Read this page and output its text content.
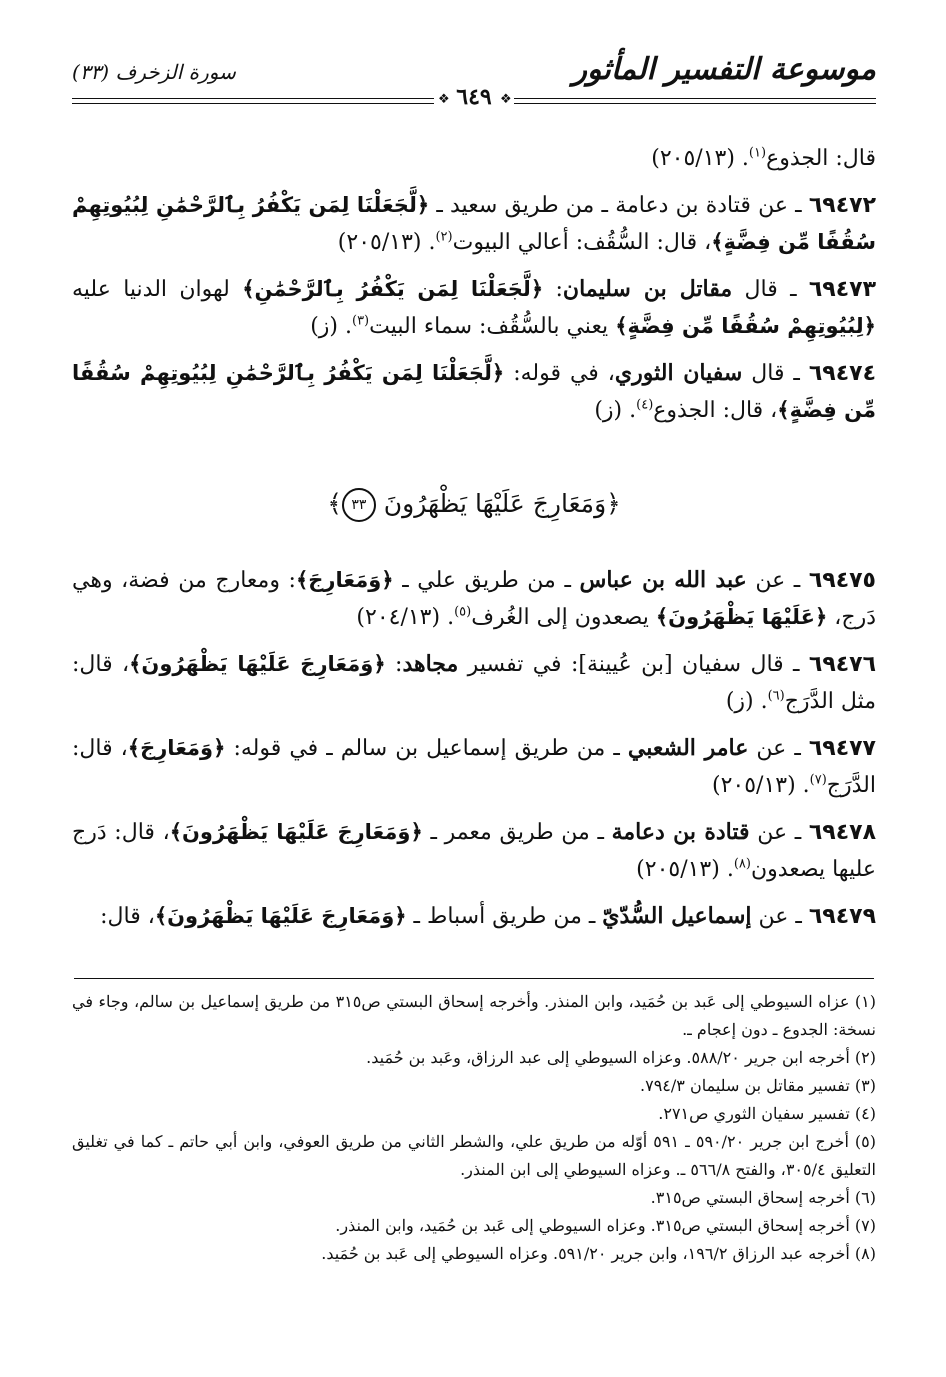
موسوعة التفسير المأثور
سورة الزخرف (٣٣)
❖
٦٤٩
❖
قال: الجذوع$^{(١)}$. (٢٠٥/١٣)
٦٩٤٧٢ ـ عن قتادة بن دعامة ـ من طريق سعيد ـ ﴿لَّجَعَلْنَا لِمَن يَكْفُرُ بِٱلرَّحْمَٰنِ لِبُيُوتِهِمْ سُقُفًا مِّن فِضَّةٍ﴾، قال: السُّقُف: أعالي البيوت$^{(٢)}$. (٢٠٥/١٣)
٦٩٤٧٣ ـ قال مقاتل بن سليمان: ﴿لَّجَعَلْنَا لِمَن يَكْفُرُ بِٱلرَّحْمَٰنِ﴾ لهوان الدنيا عليه ﴿لِبُيُوتِهِمْ سُقُفًا مِّن فِضَّةٍ﴾ يعني بالسُّقُف: سماء البيت$^{(٣)}$. (ز)
٦٩٤٧٤ ـ قال سفيان الثوري، في قوله: ﴿لَّجَعَلْنَا لِمَن يَكْفُرُ بِٱلرَّحْمَٰنِ لِبُيُوتِهِمْ سُقُفًا مِّن فِضَّةٍ﴾، قال: الجذوع$^{(٤)}$. (ز)
﴿وَمَعَارِجَ عَلَيْهَا يَظْهَرُونَ ٣٣﴾
٦٩٤٧٥ ـ عن عبد الله بن عباس ـ من طريق علي ـ ﴿وَمَعَارِجَ﴾: ومعارج من فضة، وهي دَرج، ﴿عَلَيْهَا يَظْهَرُونَ﴾ يصعدون إلى الغُرف$^{(٥)}$. (٢٠٤/١٣)
٦٩٤٧٦ ـ قال سفيان [بن عُيينة]: في تفسير مجاهد: ﴿وَمَعَارِجَ عَلَيْهَا يَظْهَرُونَ﴾، قال: مثل الدَّرَج$^{(٦)}$. (ز)
٦٩٤٧٧ ـ عن عامر الشعبي ـ من طريق إسماعيل بن سالم ـ في قوله: ﴿وَمَعَارِجَ﴾، قال: الدَّرَج$^{(٧)}$. (٢٠٥/١٣)
٦٩٤٧٨ ـ عن قتادة بن دعامة ـ من طريق معمر ـ ﴿وَمَعَارِجَ عَلَيْهَا يَظْهَرُونَ﴾، قال: دَرج عليها يصعدون$^{(٨)}$. (٢٠٥/١٣)
٦٩٤٧٩ ـ عن إسماعيل السُّدّيّ ـ من طريق أسباط ـ ﴿وَمَعَارِجَ عَلَيْهَا يَظْهَرُونَ﴾، قال:

(١) عزاه السيوطي إلى عَبد بن حُمَيد، وابن المنذر. وأخرجه إسحاق البستي ص٣١٥ من طريق إسماعيل بن سالم، وجاء في نسخة: الجدوع ـ دون إعجام ـ.

(٢) أخرجه ابن جرير ٥٨٨/٢٠. وعزاه السيوطي إلى عبد الرزاق، وعَبد بن حُمَيد.

(٣) تفسير مقاتل بن سليمان ٧٩٤/٣.

(٤) تفسير سفيان الثوري ص٢٧١.

(٥) أخرج ابن جرير ٥٩٠/٢٠ ـ ٥٩١ أوّله من طريق علي، والشطر الثاني من طريق العوفي، وابن أبي حاتم ـ كما في تغليق التعليق ٣٠٥/٤، والفتح ٥٦٦/٨ ـ. وعزاه السيوطي إلى ابن المنذر.

(٦) أخرجه إسحاق البستي ص٣١٥.

(٧) أخرجه إسحاق البستي ص٣١٥. وعزاه السيوطي إلى عَبد بن حُمَيد، وابن المنذر.

(٨) أخرجه عبد الرزاق ١٩٦/٢، وابن جرير ٥٩١/٢٠. وعزاه السيوطي إلى عَبد بن حُمَيد.
